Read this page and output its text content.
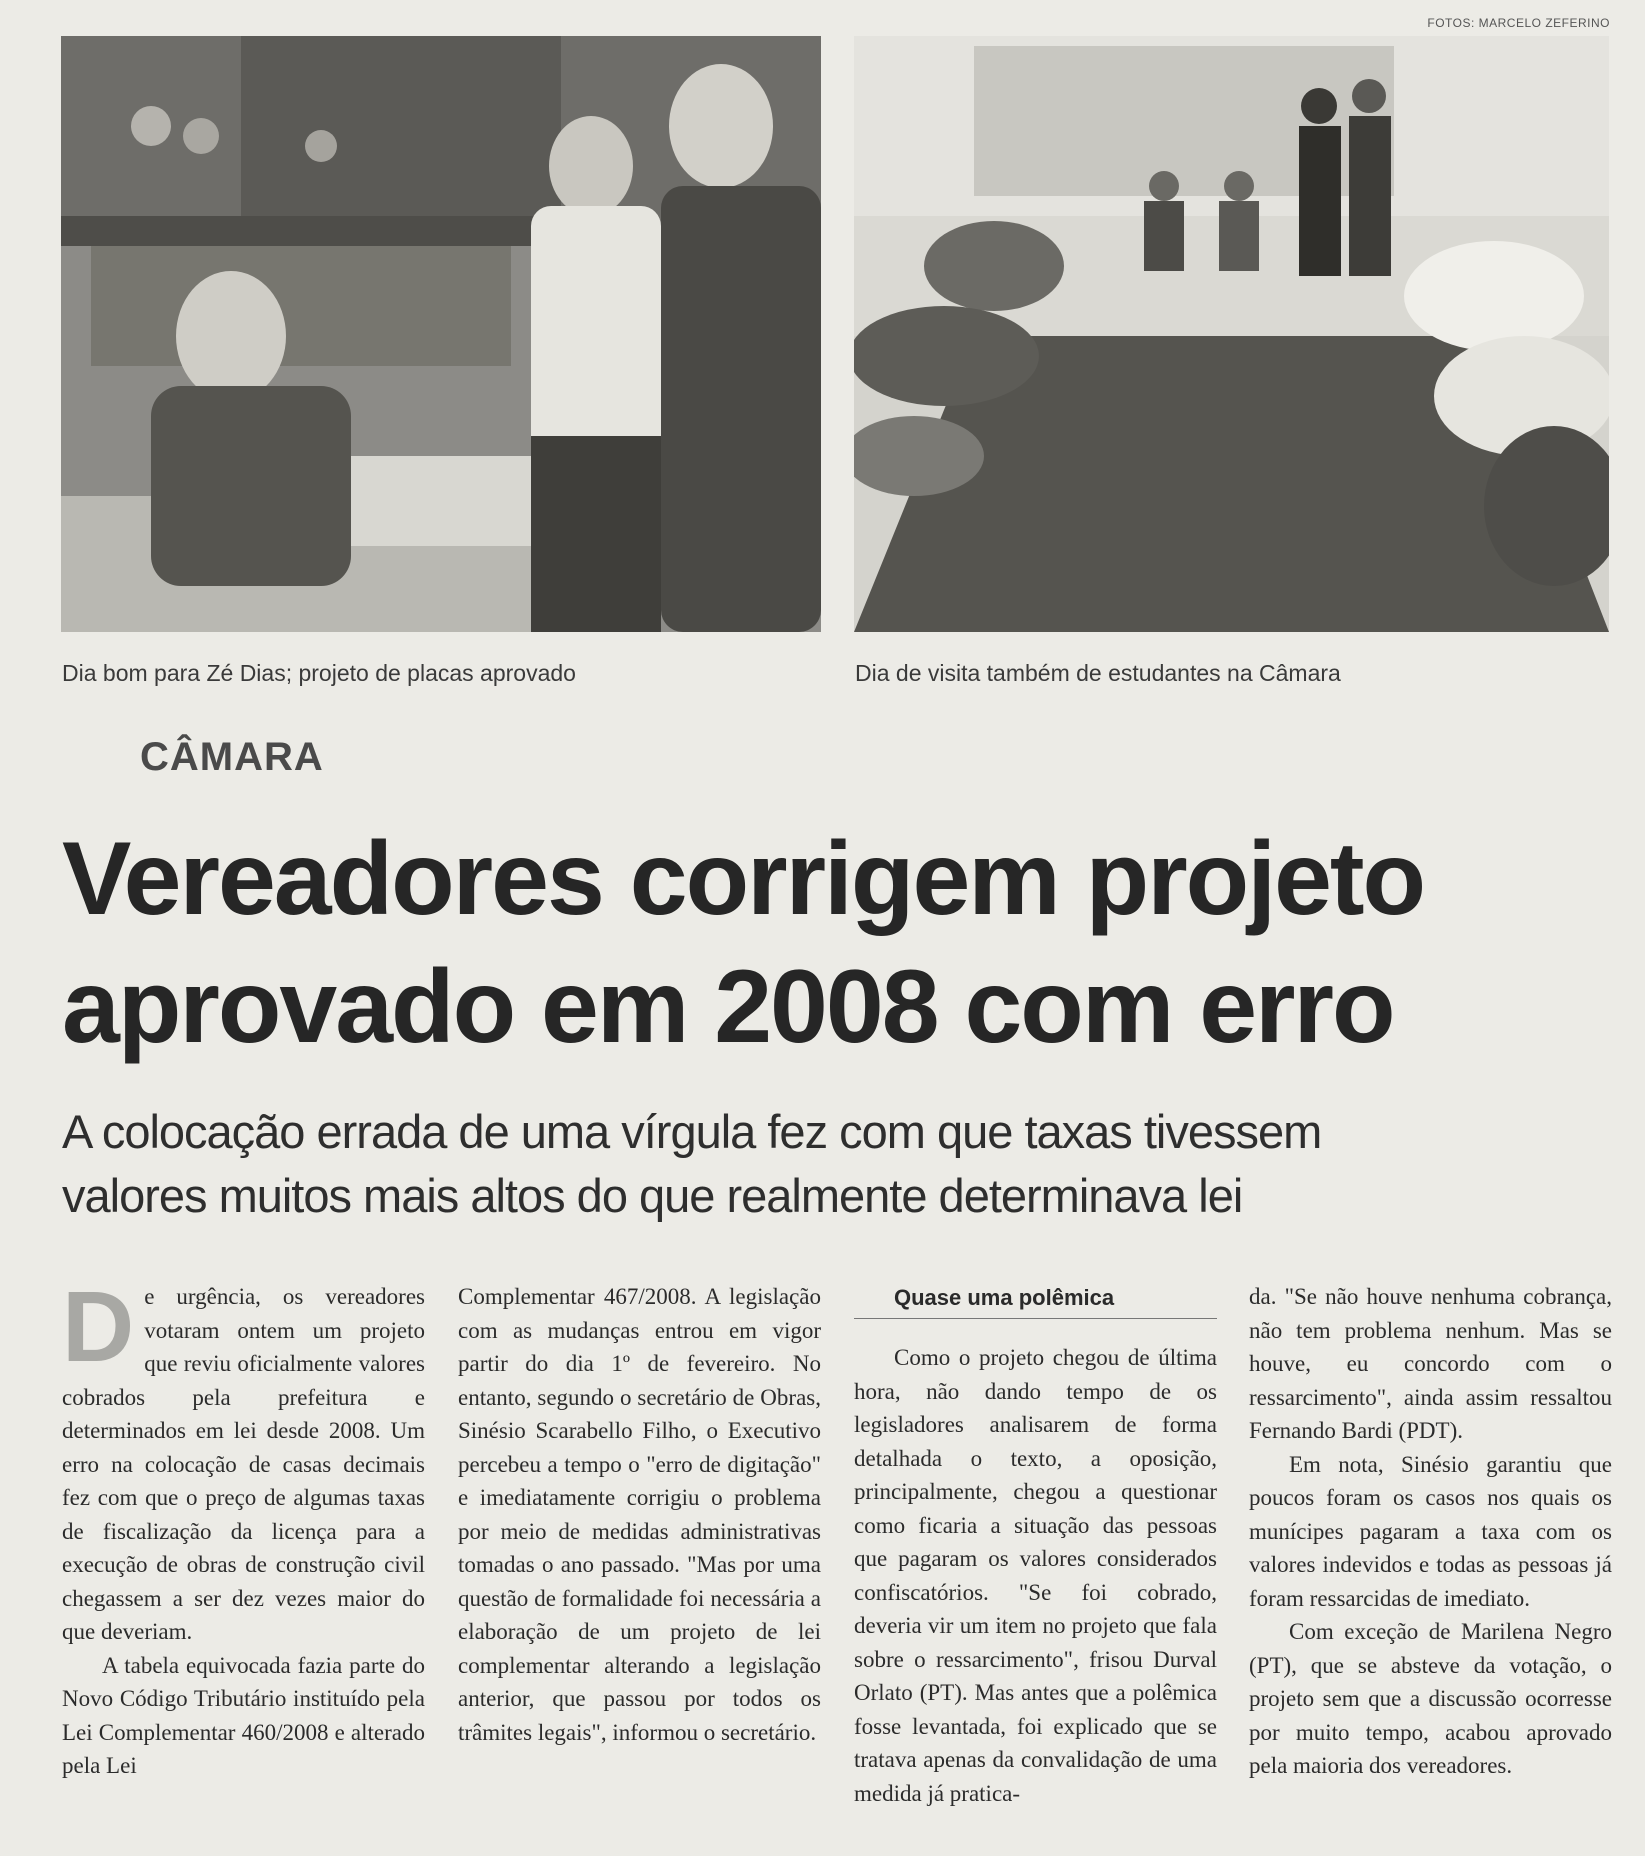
FOTOS: MARCELO ZEFERINO
Dia bom para Zé Dias; projeto de placas aprovado	Dia de visita também de estudantes na Câmara
CÂMARA
Vereadores corrigem projeto aprovado em 2008 com erro

A colocação errada de uma vírgula fez com que taxas tivessem valores muitos mais altos do que realmente determinava lei

De urgência, os vereadores votaram ontem um projeto que reviu oficialmente valores cobrados pela prefeitura e determinados em lei desde 2008. Um erro na colocação de casas decimais fez com que o preço de algumas taxas de fiscalização da licença para a execução de obras de construção civil chegassem a ser dez vezes maior do que deveriam.

A tabela equivocada fazia parte do Novo Código Tributário instituído pela Lei Complementar 460/2008 e alterado pela Lei

Complementar 467/2008. A legislação com as mudanças entrou em vigor partir do dia 1º de fevereiro. No entanto, segundo o secretário de Obras, Sinésio Scarabello Filho, o Executivo percebeu a tempo o "erro de digitação" e imediatamente corrigiu o problema por meio de medidas administrativas tomadas o ano passado. "Mas por uma questão de formalidade foi necessária a elaboração de um projeto de lei complementar alterando a legislação anterior, que passou por todos os trâmites legais", informou o secretário.

Quase uma polêmica

Como o projeto chegou de última hora, não dando tempo de os legisladores analisarem de forma detalhada o texto, a oposição, principalmente, chegou a questionar como ficaria a situação das pessoas que pagaram os valores considerados confiscatórios. "Se foi cobrado, deveria vir um item no projeto que fala sobre o ressarcimento", frisou Durval Orlato (PT). Mas antes que a polêmica fosse levantada, foi explicado que se tratava apenas da convalidação de uma medida já pratica-

da. "Se não houve nenhuma cobrança, não tem problema nenhum. Mas se houve, eu concordo com o ressarcimento", ainda assim ressaltou Fernando Bardi (PDT).

Em nota, Sinésio garantiu que poucos foram os casos nos quais os munícipes pagaram a taxa com os valores indevidos e todas as pessoas já foram ressarcidas de imediato.

Com exceção de Marilena Negro (PT), que se absteve da votação, o projeto sem que a discussão ocorresse por muito tempo, acabou aprovado pela maioria dos vereadores.
